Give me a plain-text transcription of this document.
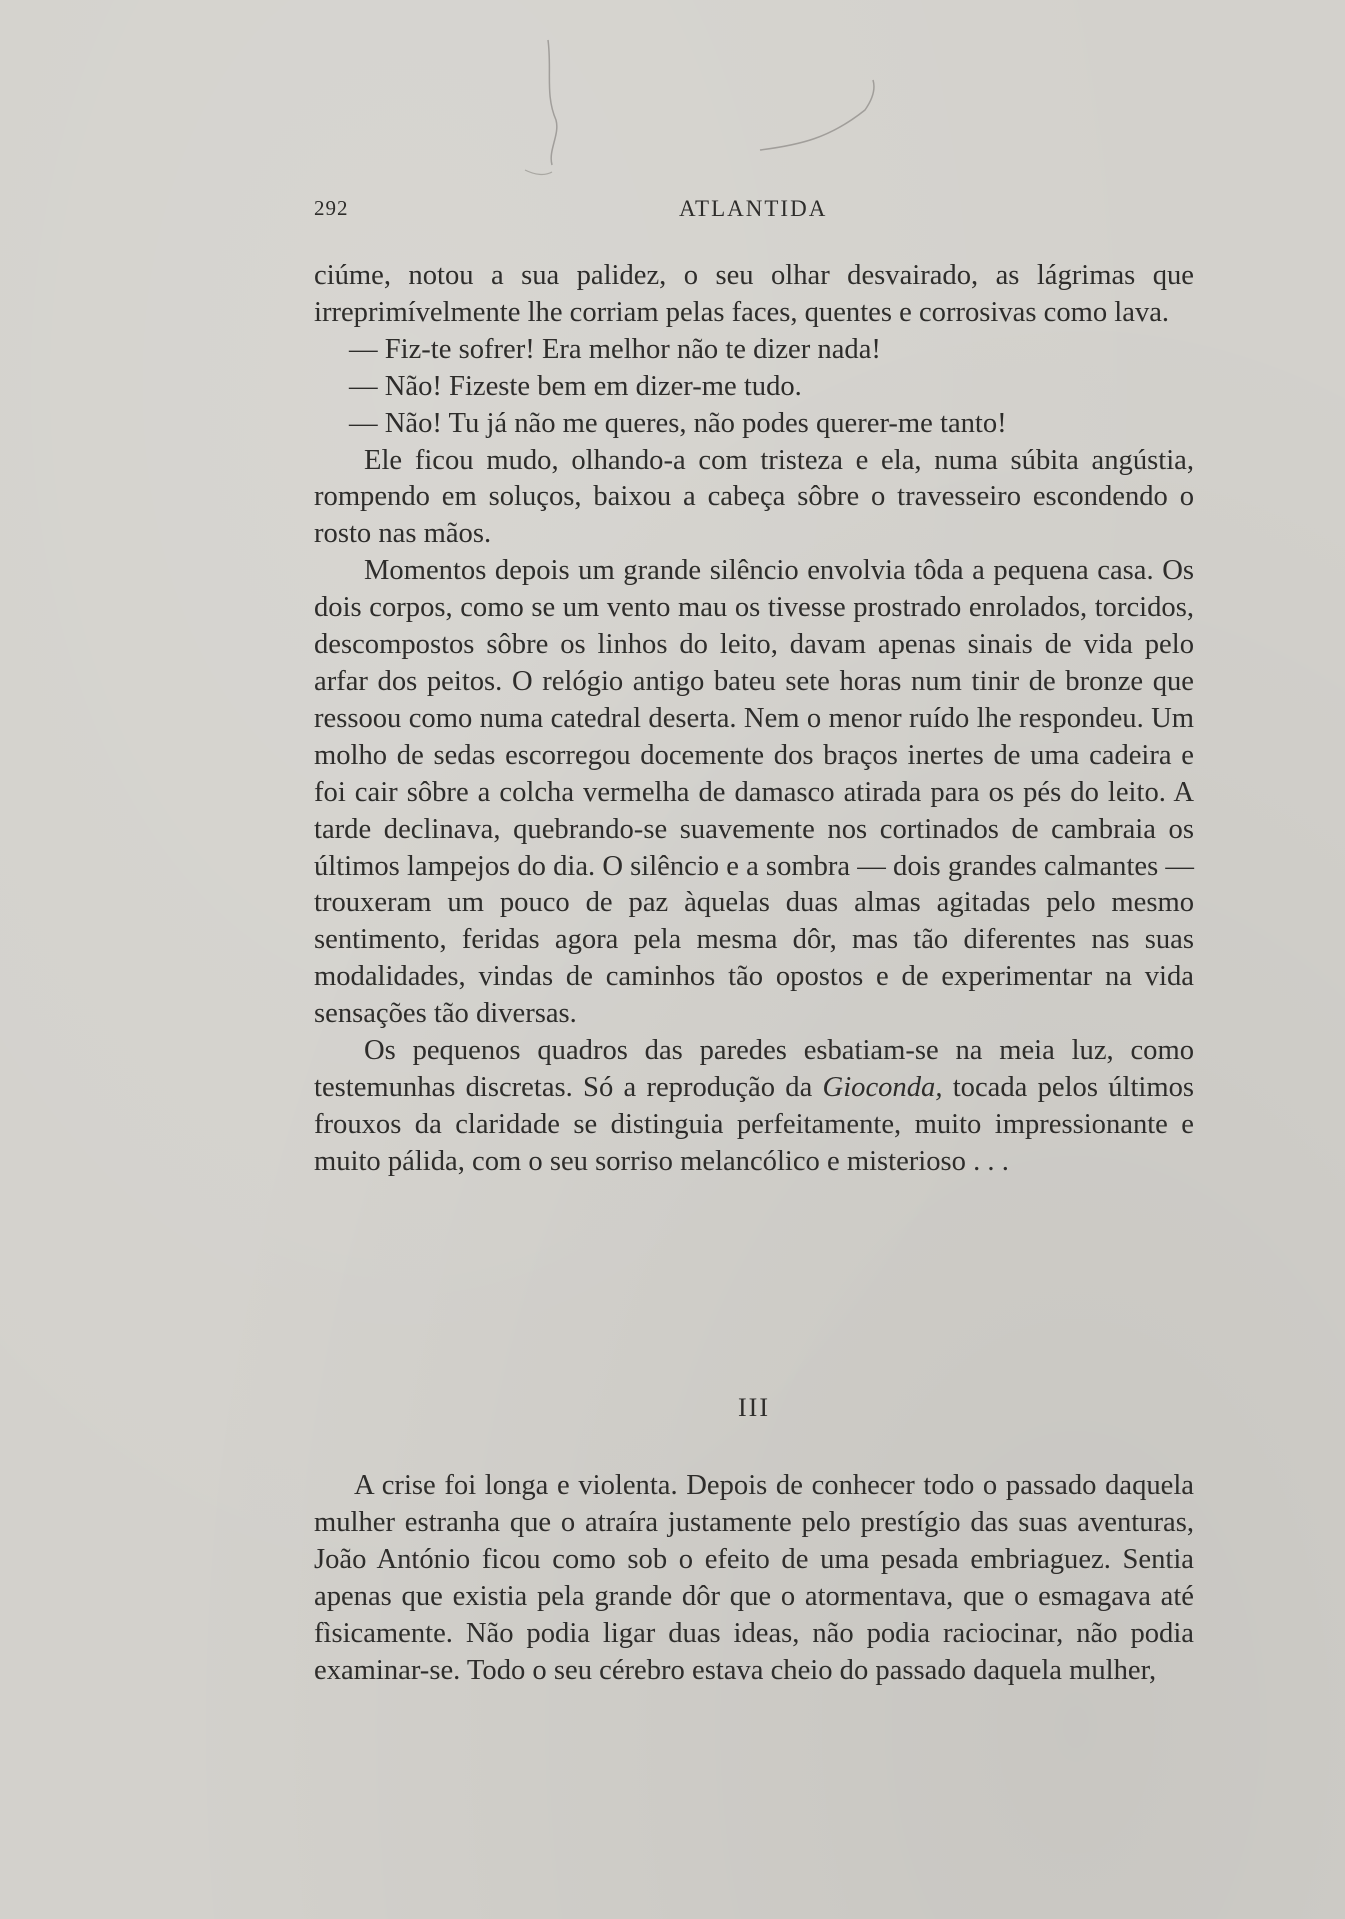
292	ATLANTIDA

ciúme, notou a sua palidez, o seu olhar desvairado, as lágrimas que irreprimívelmente lhe corriam pelas faces, quentes e corrosivas como lava.

— Fiz-te sofrer! Era melhor não te dizer nada!

— Não! Fizeste bem em dizer-me tudo.

— Não! Tu já não me queres, não podes querer-me tanto!

Ele ficou mudo, olhando-a com tristeza e ela, numa súbita angústia, rompendo em soluços, baixou a cabeça sôbre o travesseiro escondendo o rosto nas mãos.

Momentos depois um grande silêncio envolvia tôda a pequena casa. Os dois corpos, como se um vento mau os tivesse prostrado enrolados, torcidos, descompostos sôbre os linhos do leito, davam apenas sinais de vida pelo arfar dos peitos. O relógio antigo bateu sete horas num tinir de bronze que ressoou como numa catedral deserta. Nem o menor ruído lhe respondeu. Um molho de sedas escorregou docemente dos braços inertes de uma cadeira e foi cair sôbre a colcha vermelha de damasco atirada para os pés do leito. A tarde declinava, quebrando-se suavemente nos cortinados de cambraia os últimos lampejos do dia. O silêncio e a sombra — dois grandes calmantes — trouxeram um pouco de paz àquelas duas almas agitadas pelo mesmo sentimento, feridas agora pela mesma dôr, mas tão diferentes nas suas modalidades, vindas de caminhos tão opostos e de experimentar na vida sensações tão diversas.

Os pequenos quadros das paredes esbatiam-se na meia luz, como testemunhas discretas. Só a reprodução da Gioconda, tocada pelos últimos frouxos da claridade se distinguia perfeitamente, muito impressionante e muito pálida, com o seu sorriso melancólico e misterioso . . .

III

A crise foi longa e violenta. Depois de conhecer todo o passado daquela mulher estranha que o atraíra justamente pelo prestígio das suas aventuras, João António ficou como sob o efeito de uma pesada embriaguez. Sentia apenas que existia pela grande dôr que o atormentava, que o esmagava até fìsicamente. Não podia ligar duas ideas, não podia raciocinar, não podia examinar-se. Todo o seu cérebro estava cheio do passado daquela mulher,
